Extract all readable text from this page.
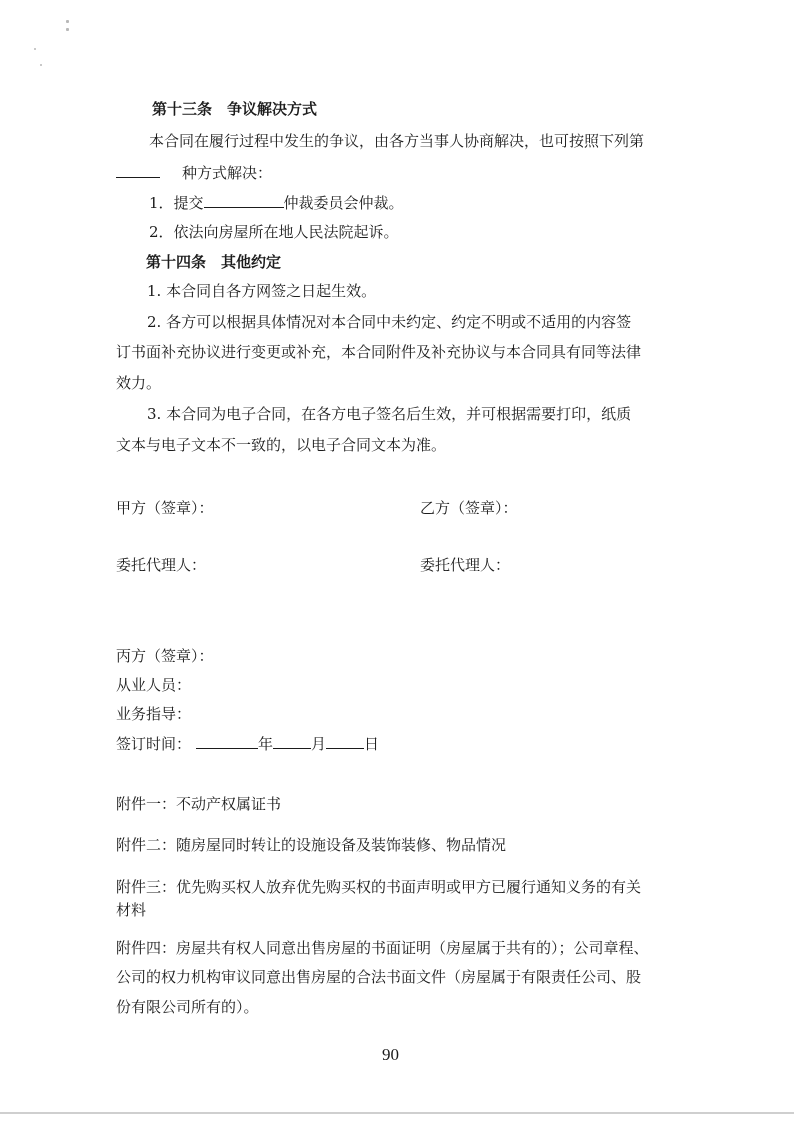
第十三条　争议解决方式
本合同在履行过程中发生的争议，由各方当事人协商解决，也可按照下列第
种方式解决：
1．提交	仲裁委员会仲裁。
2．依法向房屋所在地人民法院起诉。
第十四条　其他约定
1. 本合同自各方网签之日起生效。
2. 各方可以根据具体情况对本合同中未约定、约定不明或不适用的内容签
订书面补充协议进行变更或补充，本合同附件及补充协议与本合同具有同等法律
效力。
3. 本合同为电子合同，在各方电子签名后生效，并可根据需要打印，纸质
文本与电子文本不一致的，以电子合同文本为准。
甲方（签章）：	乙方（签章）：
委托代理人：	委托代理人：
丙方（签章）：
从业人员：
业务指导：
签订时间：	年	月	日
附件一：不动产权属证书
附件二：随房屋同时转让的设施设备及装饰装修、物品情况
附件三：优先购买权人放弃优先购买权的书面声明或甲方已履行通知义务的有关
材料
附件四：房屋共有权人同意出售房屋的书面证明（房屋属于共有的）；公司章程、
公司的权力机构审议同意出售房屋的合法书面文件（房屋属于有限责任公司、股
份有限公司所有的）。
90
